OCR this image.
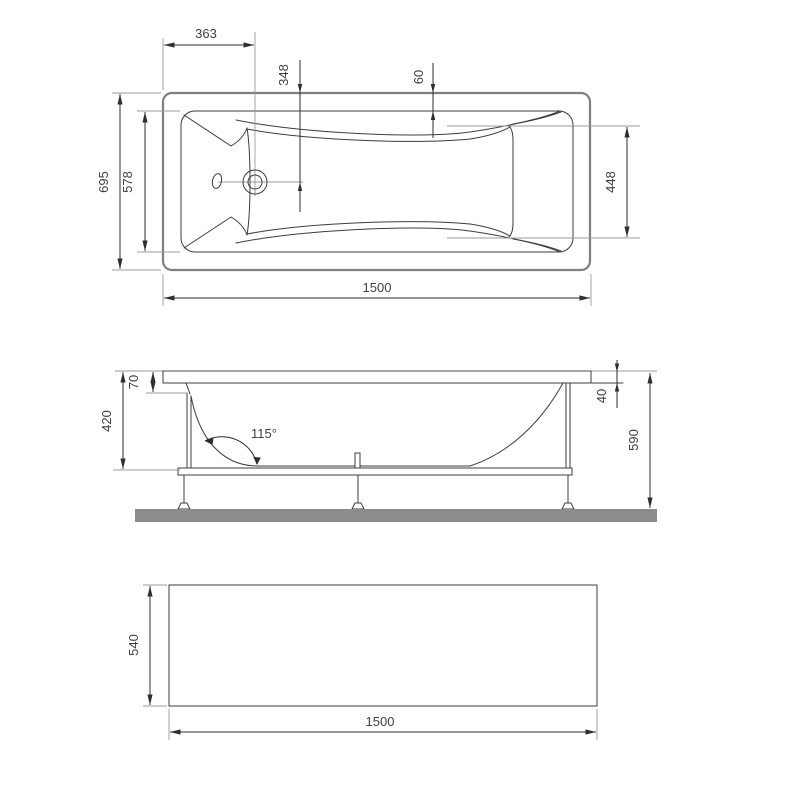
363
348	60
695 578	448
1500
70
420
115°
40
590
540
1500
